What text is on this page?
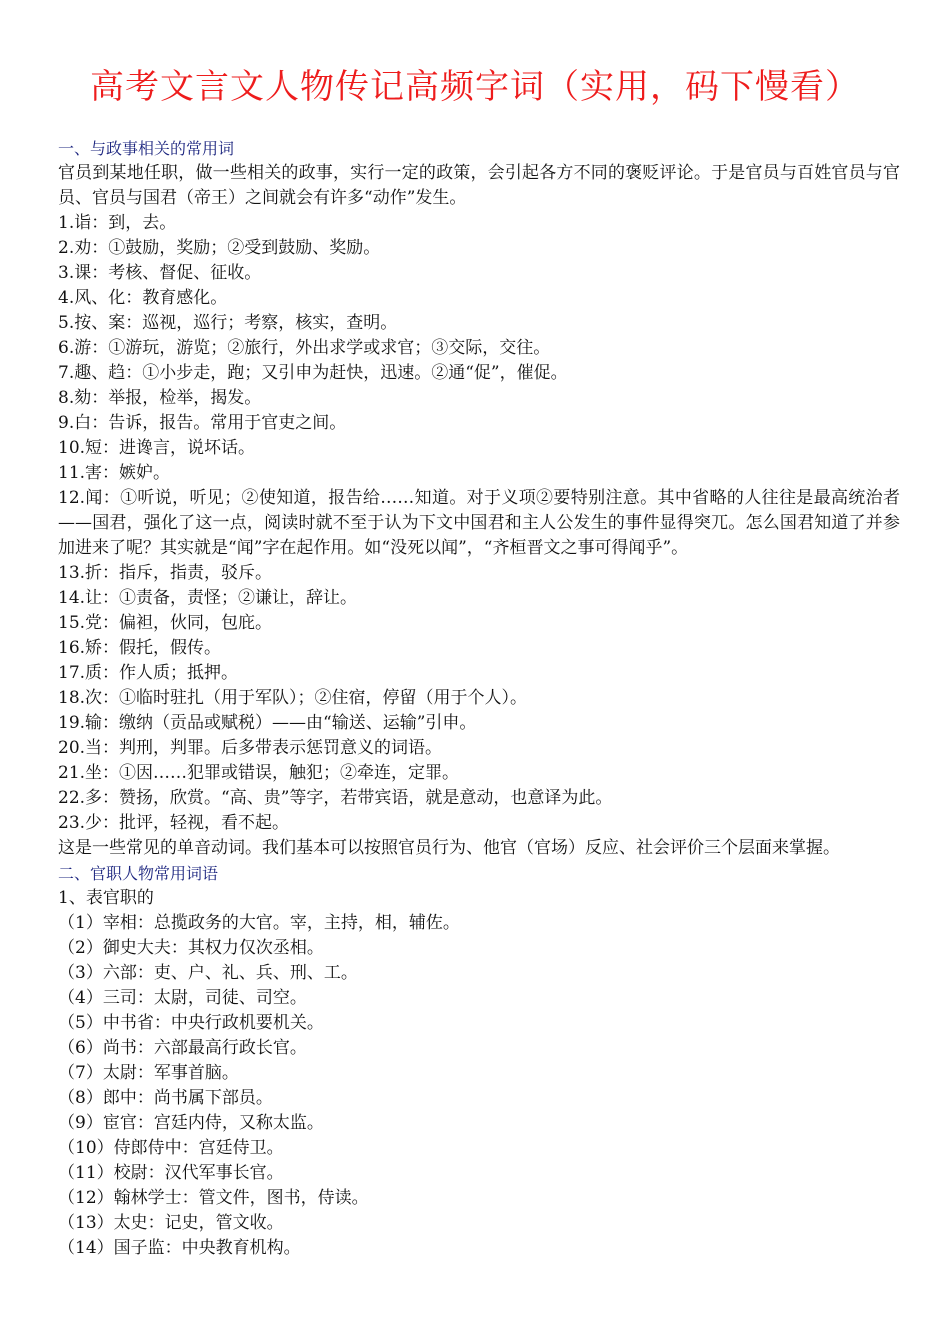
高考文言文人物传记高频字词（实用，码下慢看）

一、与政事相关的常用词

官员到某地任职，做一些相关的政事，实行一定的政策，会引起各方不同的褒贬评论。于是官员与百姓官员与官员、官员与国君（帝王）之间就会有许多“动作”发生。

1.诣：到，去。

2.劝：①鼓励，奖励；②受到鼓励、奖励。

3.课：考核、督促、征收。

4.风、化：教育感化。

5.按、案：巡视，巡行；考察，核实，查明。

6.游：①游玩，游览；②旅行，外出求学或求官；③交际，交往。

7.趣、趋：①小步走，跑；又引申为赶快，迅速。②通“促”，催促。

8.劾：举报，检举，揭发。

9.白：告诉，报告。常用于官吏之间。

10.短：进谗言，说坏话。

11.害：嫉妒。

12.闻：①听说，听见；②使知道，报告给……知道。对于义项②要特别注意。其中省略的人往往是最高统治者——国君，强化了这一点，阅读时就不至于认为下文中国君和主人公发生的事件显得突兀。怎么国君知道了并参加进来了呢？其实就是“闻”字在起作用。如“没死以闻”，“齐桓晋文之事可得闻乎”。

13.折：指斥，指责，驳斥。

14.让：①责备，责怪；②谦让，辞让。

15.党：偏袒，伙同，包庇。

16.矫：假托，假传。

17.质：作人质；抵押。

18.次：①临时驻扎（用于军队）；②住宿，停留（用于个人）。

19.输：缴纳（贡品或赋税）——由“输送、运输”引申。

20.当：判刑，判罪。后多带表示惩罚意义的词语。

21.坐：①因……犯罪或错误，触犯；②牵连，定罪。

22.多：赞扬，欣赏。“高、贵”等字，若带宾语，就是意动，也意译为此。

23.少：批评，轻视，看不起。

这是一些常见的单音动词。我们基本可以按照官员行为、他官（官场）反应、社会评价三个层面来掌握。

二、官职人物常用词语

1、表官职的

（1）宰相：总揽政务的大官。宰，主持，相，辅佐。

（2）御史大夫：其权力仅次丞相。

（3）六部：吏、户、礼、兵、刑、工。

（4）三司：太尉，司徒、司空。

（5）中书省：中央行政机要机关。

（6）尚书：六部最高行政长官。

（7）太尉：军事首脑。

（8）郎中：尚书属下部员。

（9）宦官：宫廷内侍，又称太监。

（10）侍郎侍中：宫廷侍卫。

（11）校尉：汉代军事长官。

（12）翰林学士：管文件，图书，侍读。

（13）太史：记史，管文收。

（14）国子监：中央教育机构。
